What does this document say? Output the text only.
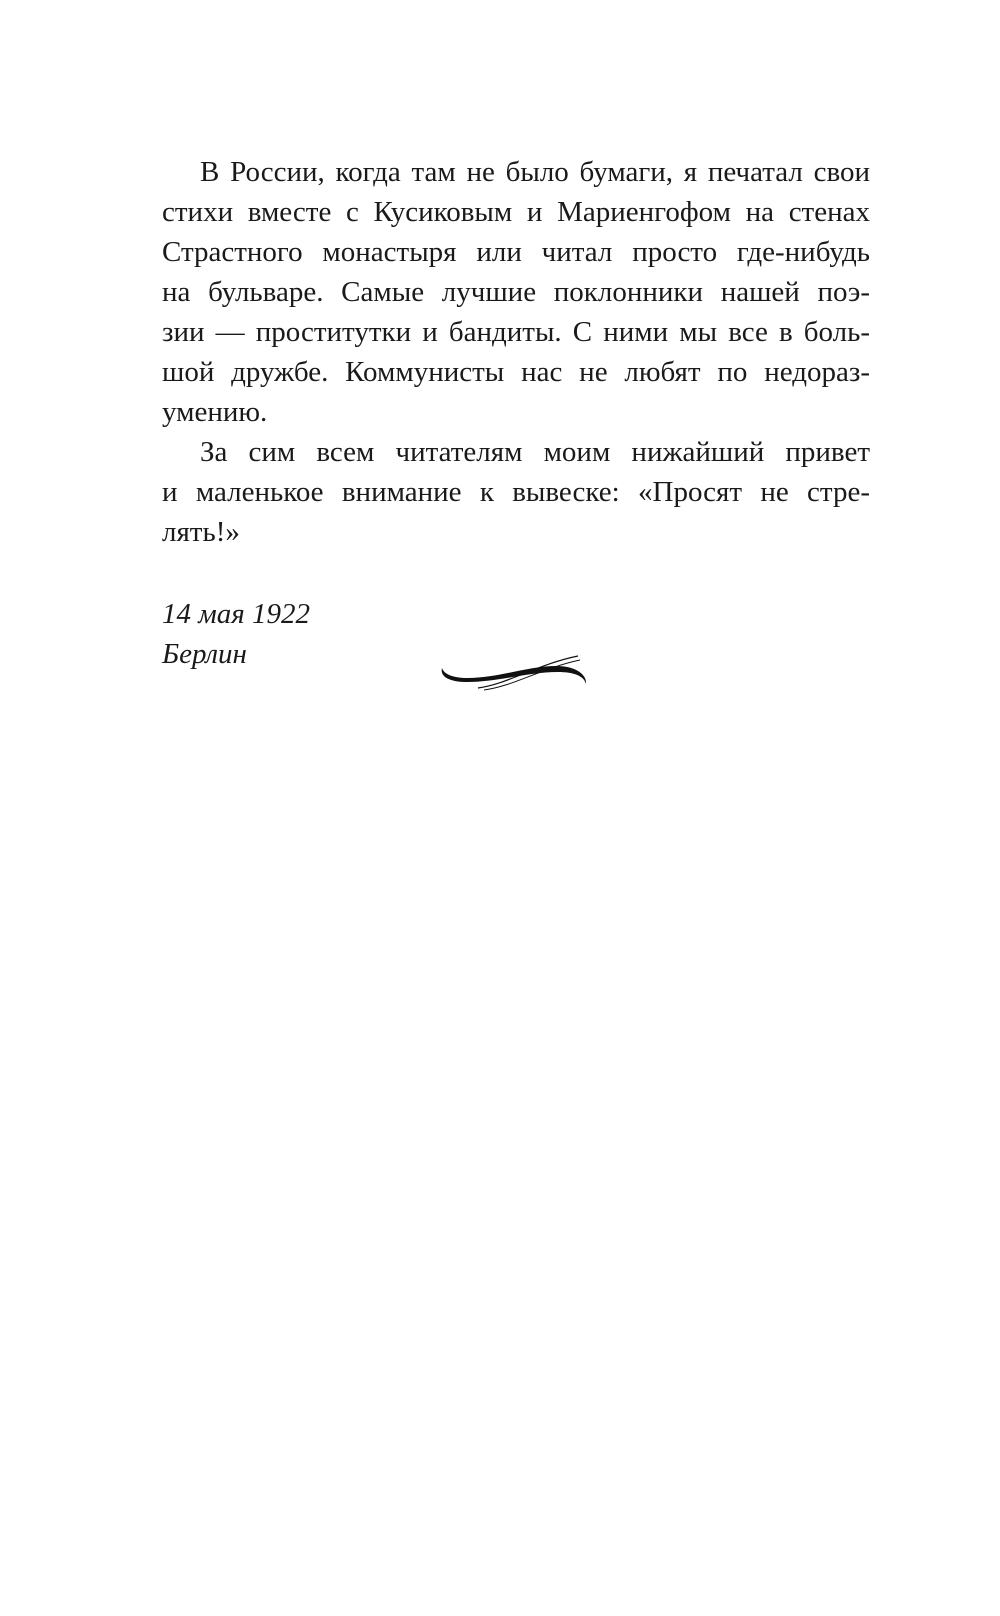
В России, когда там не было бумаги, я печатал свои
стихи вместе с Кусиковым и Мариенгофом на стенах
Страстного монастыря или читал просто где-нибудь
на бульваре. Самые лучшие поклонники нашей поэ-
зии — проститутки и бандиты. С ними мы все в боль-
шой дружбе. Коммунисты нас не любят по недораз-
умению.
За сим всем читателям моим нижайший привет
и маленькое внимание к вывеске: «Просят не стре-
лять!»
14 мая 1922
Берлин
